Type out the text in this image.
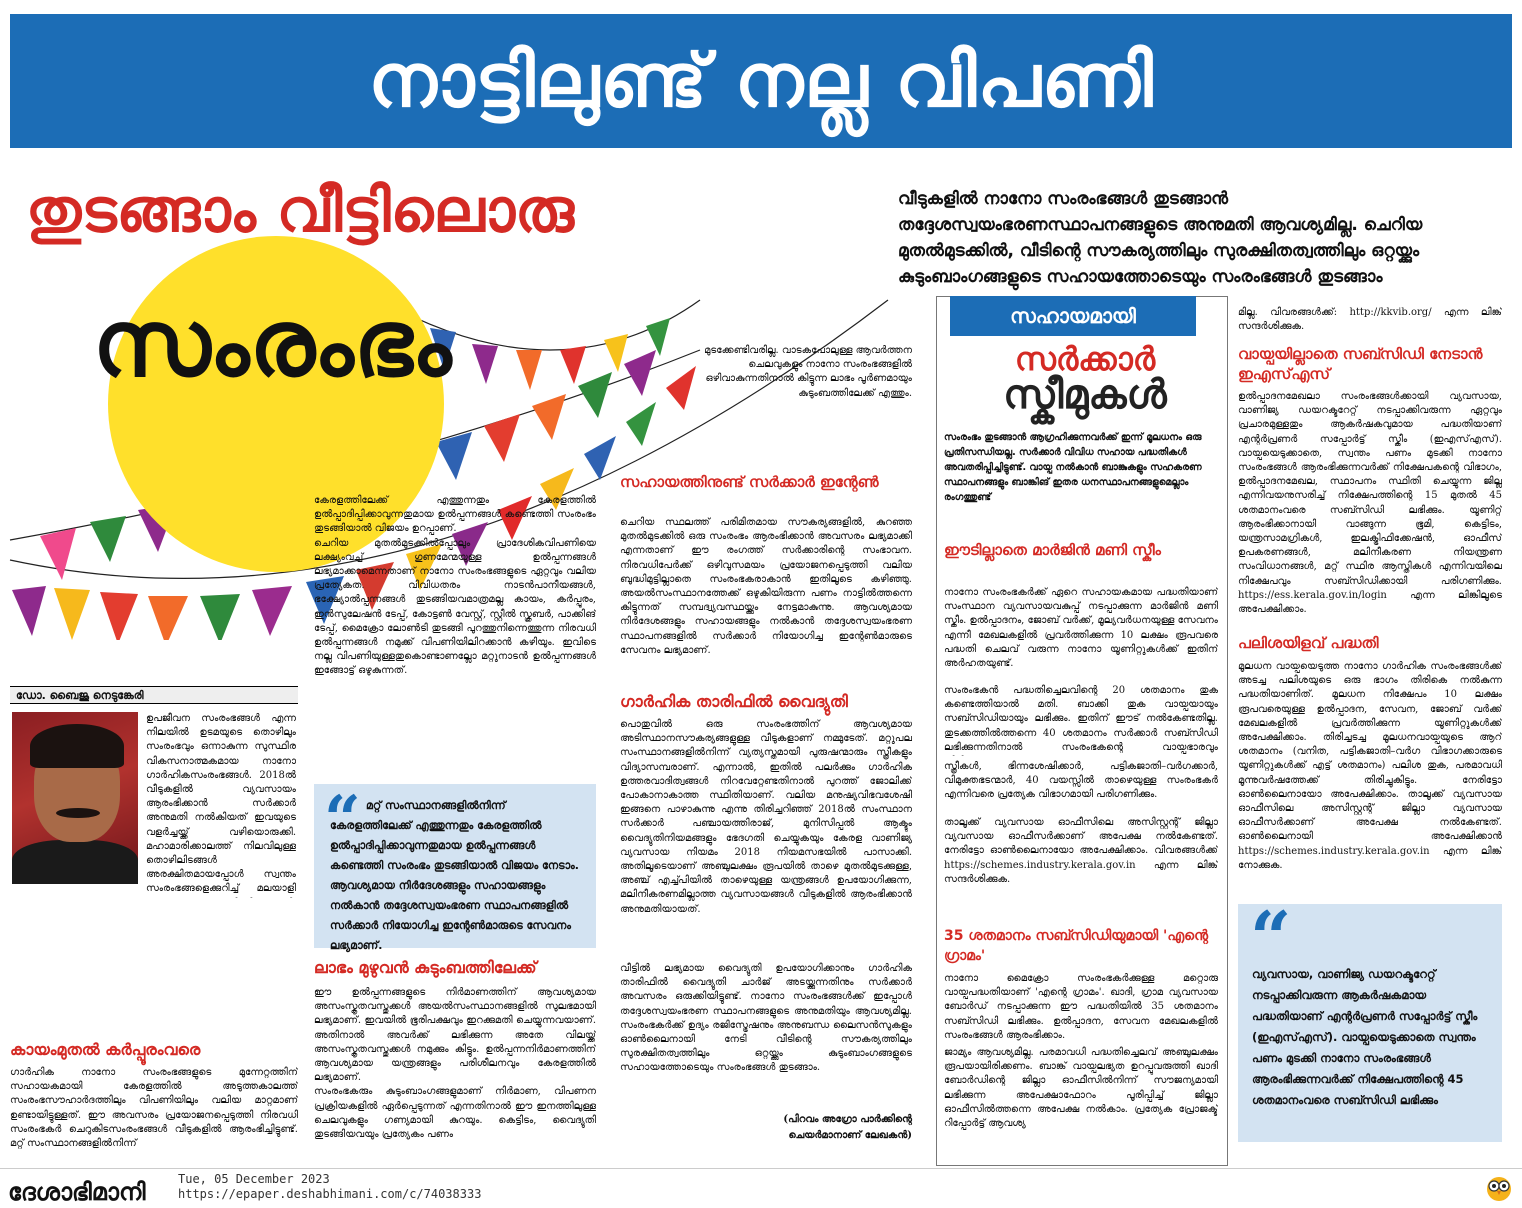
നാട്ടിലുണ്ട് നല്ല വിപണി
തുടങ്ങാം വീട്ടിലൊരു
സംരംഭം
വീടുകളിൽ നാനോ സംരംഭങ്ങൾ തുടങ്ങാൻ തദ്ദേശസ്വയംഭരണസ്ഥാപനങ്ങളുടെ അനുമതി ആവശ്യമില്ല. ചെറിയ മുതൽമുടക്കിൽ, വീടിന്റെ സൗകര്യത്തിലും സുരക്ഷിതത്വത്തിലും ഒറ്റയ്ക്കും കുടുംബാംഗങ്ങളുടെ സഹായത്തോടെയും സംരംഭങ്ങൾ തുടങ്ങാം
ഡോ. ബൈജു നെടുങ്കേരി

ഉപജീവന സംരംഭങ്ങൾ എന്ന നിലയിൽ ഉടമയുടെ തൊഴിലും സംരംഭവും ഒന്നാകുന്ന സുസ്ഥിര വികസനാത്മകമായ നാനോ ഗാർഹികസംരംഭങ്ങൾ. 2018ൽ വീടുകളിൽ വ്യവസായം ആരംഭിക്കാൻ സർക്കാർ അനുമതി നൽകിയത് ഇവയുടെ വളർച്ചയ്ക്ക് വഴിയൊരുക്കി. മഹാമാരിക്കാലത്ത് നിലവിലുള്ള തൊഴിലിടങ്ങൾ അരക്ഷിതമായപ്പോൾ സ്വന്തം സംരംഭങ്ങളെക്കുറിച്ച് മലയാളി

കായംമുതൽ കർപ്പൂരംവരെ

ഗാർഹിക നാനോ സംരംഭങ്ങളുടെ മുന്നേറ്റത്തിന് സഹായകമായി കേരളത്തിൽ അടുത്തകാലത്ത് സംരംഭസൗഹാർദത്തിലും വിപണിയിലും വലിയ മാറ്റമാണ് ഉണ്ടായിട്ടുള്ളത്. ഈ അവസരം പ്രയോജനപ്പെടുത്തി നിരവധി സംരംഭകർ ചെറുകിടസംരംഭങ്ങൾ വീടുകളിൽ ആരംഭിച്ചിട്ടുണ്ട്. മറ്റ് സംസ്ഥാനങ്ങളിൽനിന്ന്

കേരളത്തിലേക്ക് എത്തുന്നതും കേരളത്തിൽ ഉൽപ്പാദിപ്പിക്കാവുന്നതുമായ ഉൽപ്പന്നങ്ങൾ കണ്ടെത്തി സംരംഭം തുടങ്ങിയാൽ വിജയം ഉറപ്പാണ്.
ചെറിയ മുതൽമുടക്കിൽപ്പോലും പ്രാദേശികവിപണിയെ ലക്ഷ്യംവച്ച് ഗുണമേന്മയുള്ള ഉൽപ്പന്നങ്ങൾ ലഭ്യമാക്കാമെന്നതാണ് നാനോ സംരംഭങ്ങളുടെ ഏറ്റവും വലിയ പ്രത്യേകത. വിവിധതരം നാടൻപാനീയങ്ങൾ, ഭക്ഷ്യോൽപ്പന്നങ്ങൾ തുടങ്ങിയവമാത്രമല്ല കായം, കർപ്പൂരം, ഇൻസുലേഷൻ ടേപ്പ്, കോട്ടൺ വേസ്റ്റ്, സ്റ്റീൽ സ്ക്രബർ, പാക്കിങ് ടേപ്പ്, മൈക്രോ ലോൺടി തുടങ്ങി പുറത്തുനിന്നെത്തുന്ന നിരവധി ഉൽപ്പന്നങ്ങൾ നമുക്ക് വിപണിയിലിറക്കാൻ കഴിയും. ഇവിടെ നല്ല വിപണിയുള്ളതുകൊണ്ടാണല്ലോ മറ്റുനാടൻ ഉൽപ്പന്നങ്ങൾ ഇങ്ങോട്ട് ഒഴുകുന്നത്.

“ മറ്റ് സംസ്ഥാനങ്ങളിൽനിന്ന് കേരളത്തിലേക്ക് എത്തുന്നതും കേരളത്തിൽ ഉൽപ്പാദിപ്പിക്കാവുന്നതുമായ ഉൽപ്പന്നങ്ങൾ കണ്ടെത്തി സംരംഭം തുടങ്ങിയാൽ വിജയം നേടാം. ആവശ്യമായ നിർദേശങ്ങളും സഹായങ്ങളും നൽകാൻ തദ്ദേശസ്വയംഭരണ സ്ഥാപനങ്ങളിൽ സർക്കാർ നിയോഗിച്ച ഇന്റേൺമാരുടെ സേവനം ലഭ്യമാണ്.
ലാഭം മുഴുവൻ കുടുംബത്തിലേക്ക്

ഈ ഉൽപ്പന്നങ്ങളുടെ നിർമാണത്തിന് ആവശ്യമായ അസംസ്കൃതവസ്തുക്കൾ അയൽസംസ്ഥാനങ്ങളിൽ സുലഭമായി ലഭ്യമാണ്. ഇവയിൽ ഭൂരിപക്ഷവും ഇറക്കുമതി ചെയ്യുന്നവയാണ്. അതിനാൽ അവർക്ക് ലഭിക്കുന്ന അതേ വിലയ്ക്ക് അസംസ്കൃതവസ്തുക്കൾ നമുക്കും കിട്ടും. ഉൽപ്പന്നനിർമാണത്തിന് ആവശ്യമായ യന്ത്രങ്ങളും പരിശീലനവും കേരളത്തിൽ ലഭ്യമാണ്.
സംരംഭകരും കുടുംബാംഗങ്ങളുമാണ് നിർമാണ, വിപണന പ്രക്രിയകളിൽ ഏർപ്പെടുന്നത് എന്നതിനാൽ ഈ ഇനത്തിലുള്ള ചെലവുകളും ഗണ്യമായി കുറയും. കെട്ടിടം, വൈദ്യുതി തുടങ്ങിയവയും പ്രത്യേകം പണം

മുടക്കേണ്ടിവരില്ല. വാടകപോലുള്ള ആവർത്തന ചെലവുകളും നാനോ സംരംഭങ്ങളിൽ ഒഴിവാകുന്നതിനാൽ കിട്ടുന്ന ലാഭം പൂർണമായും കുടുംബത്തിലേക്ക് എത്തും.

സഹായത്തിനുണ്ട് സർക്കാർ ഇന്റേൺ

ചെറിയ സ്ഥലത്ത് പരിമിതമായ സൗകര്യങ്ങളിൽ, കുറഞ്ഞ മുതൽമുടക്കിൽ ഒരു സംരംഭം ആരംഭിക്കാൻ അവസരം ലഭ്യമാക്കി എന്നതാണ് ഈ രംഗത്ത് സർക്കാരിന്റെ സംഭാവന. നിരവധിപേർക്ക് ഒഴിവുസമയം പ്രയോജനപ്പെടുത്തി വലിയ ബുദ്ധിമുട്ടില്ലാതെ സംരംഭകരാകാൻ ഇതിലൂടെ കഴിഞ്ഞു. അയൽസംസ്ഥാനത്തേക്ക് ഒഴുകിയിരുന്ന പണം നാട്ടിൽത്തന്നെ കിട്ടുന്നത് സമ്പദ്വ്യവസ്ഥയ്ക്കും നേട്ടമാകുന്നു. ആവശ്യമായ നിർദേശങ്ങളും സഹായങ്ങളും നൽകാൻ തദ്ദേശസ്വയംഭരണ സ്ഥാപനങ്ങളിൽ സർക്കാർ നിയോഗിച്ച ഇന്റേൺമാരുടെ സേവനം ലഭ്യമാണ്.

ഗാർഹിക താരിഫിൽ വൈദ്യുതി

പൊതുവിൽ ഒരു സംരംഭത്തിന് ആവശ്യമായ അടിസ്ഥാനസൗകര്യങ്ങളുള്ള വീടുകളാണ് നമ്മുടേത്. മറ്റുപല സംസ്ഥാനങ്ങളിൽനിന്ന് വ്യത്യസ്തമായി പുരുഷന്മാരും സ്ത്രീകളും വിദ്യാസമ്പരാണ്. എന്നാൽ, ഇതിൽ പലർക്കും ഗാർഹിക ഉത്തരവാദിത്വങ്ങൾ നിറവേറ്റേണ്ടതിനാൽ പുറത്ത് ജോലിക്ക് പോകാനാകാത്ത സ്ഥിതിയാണ്. വലിയ മനുഷ്യവിഭവശേഷി ഇങ്ങനെ പാഴാകുന്നു എന്നു തിരിച്ചറിഞ്ഞ് 2018ൽ സംസ്ഥാന സർക്കാർ പഞ്ചായത്തിരാജ്, മുനിസിപ്പൽ ആക്ടും വൈദ്യുതിനിയമങ്ങളും ഭേദഗതി ചെയ്യുകയും കേരള വാണിജ്യ വ്യവസായ നിയമം 2018 നിയമസഭയിൽ പാസാക്കി. അതിലൂടെയാണ് അഞ്ചുലക്ഷം രൂപയിൽ താഴെ മുതൽമുടക്കുള്ള, അഞ്ച് എച്ച്പിയിൽ താഴെയുള്ള യന്ത്രങ്ങൾ ഉപയോഗിക്കുന്ന, മലിനീകരണമില്ലാത്ത വ്യവസായങ്ങൾ വീടുകളിൽ ആരംഭിക്കാൻ അനുമതിയായത്.

വീട്ടിൽ ലഭ്യമായ വൈദ്യുതി ഉപയോഗിക്കാനും ഗാർഹിക താരിഫിൽ വൈദ്യുതി ചാർജ് അടയ്ക്കുന്നതിനും സർക്കാർ അവസരം ഒരുക്കിയിട്ടുണ്ട്. നാനോ സംരംഭങ്ങൾക്ക് ഇപ്പോൾ തദ്ദേശസ്വയംഭരണ സ്ഥാപനങ്ങളുടെ അനുമതിയും ആവശ്യമില്ല. സംരംഭകർക്ക് ഉദ്യം രജിസ്ട്രേഷനും അനുബന്ധ ലൈസൻസുകളും ഓൺലൈനായി നേടി വീടിന്റെ സൗകര്യത്തിലും സുരക്ഷിതത്വത്തിലും ഒറ്റയ്ക്കും കുടുംബാംഗങ്ങളുടെ സഹായത്തോടെയും സംരംഭങ്ങൾ തുടങ്ങാം.

(പിറവം അഗ്രോ പാർക്കിന്റെ
ചെയർമാനാണ് ലേഖകൻ)
സഹായമായി
സർക്കാർ
സ്കീമുകൾ

സംരംഭം തുടങ്ങാൻ ആഗ്രഹിക്കുന്നവർക്ക് ഇന്ന് മൂലധനം ഒരു പ്രതിസന്ധിയല്ല. സർക്കാർ വിവിധ സഹായ പദ്ധതികൾ അവതരിപ്പിച്ചിട്ടുണ്ട്. വായ്പ നൽകാൻ ബാങ്കുകളും സഹകരണ സ്ഥാപനങ്ങളും ബാങ്കിങ് ഇതര ധനസ്ഥാപനങ്ങളുമെല്ലാം രംഗത്തുണ്ട്

ഈടില്ലാതെ മാർജിൻ മണി സ്കീം

നാനോ സംരംഭകർക്ക് ഏറെ സഹായകമായ പദ്ധതിയാണ് സംസ്ഥാന വ്യവസായവകുപ്പ് നടപ്പാക്കുന്ന മാർജിൻ മണി സ്കീം. ഉൽപ്പാദനം, ജോബ് വർക്ക്, മൂല്യവർധനയുള്ള സേവനം എന്നീ മേഖലകളിൽ പ്രവർത്തിക്കുന്ന 10 ലക്ഷം രൂപവരെ പദ്ധതി ചെലവ് വരുന്ന നാനോ യൂണിറ്റുകൾക്ക് ഇതിന് അർഹതയുണ്ട്.

സംരംഭകൻ പദ്ധതിച്ചെലവിന്റെ 20 ശതമാനം തുക കണ്ടെത്തിയാൽ മതി. ബാക്കി തുക വായ്പയായും സബ്സിഡിയായും ലഭിക്കും. ഇതിന് ഈട് നൽകേണ്ടതില്ല. തുടക്കത്തിൽത്തന്നെ 40 ശതമാനം സർക്കാർ സബ്സിഡി ലഭിക്കുന്നതിനാൽ സംരംഭകന്റെ വായ്പഭാരവും

സ്ത്രീകൾ, ഭിന്നശേഷിക്കാർ, പട്ടികജാതി–വർഗക്കാർ, വിമുക്തഭടന്മാർ, 40 വയസ്സിൽ താഴെയുള്ള സംരംഭകർ എന്നിവരെ പ്രത്യേക വിഭാഗമായി പരിഗണിക്കും.

താലൂക്ക് വ്യവസായ ഓഫീസിലെ അസിസ്റ്റന്റ് ജില്ലാ വ്യവസായ ഓഫീസർക്കാണ് അപേക്ഷ നൽകേണ്ടത്. നേരിട്ടോ ഓൺലൈനായോ അപേക്ഷിക്കാം. വിവരങ്ങൾക്ക് https://schemes.industry.kerala.gov.in എന്ന ലിങ്ക് സന്ദർശിക്കുക.

35 ശതമാനം സബ്സിഡിയുമായി 'എന്റെ ഗ്രാമം'

നാനോ മൈക്രോ സംരംഭകർക്കുള്ള മറ്റൊരു വായ്പപദ്ധതിയാണ് 'എന്റെ ഗ്രാമം'. ഖാദി, ഗ്രാമ വ്യവസായ ബോർഡ് നടപ്പാക്കുന്ന ഈ പദ്ധതിയിൽ 35 ശതമാനം സബ്സിഡി ലഭിക്കും. ഉൽപ്പാദന, സേവന മേഖലകളിൽ സംരംഭങ്ങൾ ആരംഭിക്കാം.

ജാമ്യം ആവശ്യമില്ല. പരമാവധി പദ്ധതിച്ചെലവ് അഞ്ചുലക്ഷം രൂപയായിരിക്കണം. ബാങ്ക് വായ്പലഭ്യത ഉറപ്പുവരുത്തി ഖാദി ബോർഡിന്റെ ജില്ലാ ഓഫീസിൽനിന്ന് സൗജന്യമായി ലഭിക്കുന്ന അപേക്ഷാഫോറം പൂരിപ്പിച്ച് ജില്ലാ ഓഫീസിൽത്തന്നെ അപേക്ഷ നൽകാം. പ്രത്യേക പ്രോജക്ട് റിപ്പോർട്ട് ആവശ്യ

മില്ല. വിവരങ്ങൾക്ക്: http://kkvib.org/ എന്ന ലിങ്ക് സന്ദർശിക്കുക.

വായ്പയില്ലാതെ സബ്സിഡി നേടാൻ ഇഎസ്എസ്

ഉൽപ്പാദനമേഖലാ സംരംഭങ്ങൾക്കായി വ്യവസായ, വാണിജ്യ ഡയറക്ടറേറ്റ് നടപ്പാക്കിവരുന്ന ഏറ്റവും പ്രചാരമുള്ളതും ആകർഷകവുമായ പദ്ധതിയാണ് എന്റർപ്രണർ സപ്പോർട്ട് സ്കീം (ഇഎസ്എസ്). വായ്പയെടുക്കാതെ, സ്വന്തം പണം മുടക്കി നാനോ സംരംഭങ്ങൾ ആരംഭിക്കുന്നവർക്ക് നിക്ഷേപകന്റെ വിഭാഗം, ഉൽപ്പാദനമേഖല, സ്ഥാപനം സ്ഥിതി ചെയ്യുന്ന ജില്ല എന്നിവയനുസരിച്ച് നിക്ഷേപത്തിന്റെ 15 മുതൽ 45 ശതമാനംവരെ സബ്സിഡി ലഭിക്കും. യൂണിറ്റ് ആരംഭിക്കാനായി വാങ്ങുന്ന ഭൂമി, കെട്ടിടം, യന്ത്രസാമഗ്രികൾ, ഇലക്ട്രിഫിക്കേഷൻ, ഓഫീസ് ഉപകരണങ്ങൾ, മലിനീകരണ നിയന്ത്രണ സംവിധാനങ്ങൾ, മറ്റ് സ്ഥിര ആസ്തികൾ എന്നിവയിലെ നിക്ഷേപവും സബ്സിഡിക്കായി പരിഗണിക്കും. https://ess.kerala.gov.in/login എന്ന ലിങ്കിലൂടെ അപേക്ഷിക്കാം.

പലിശയിളവ് പദ്ധതി

മൂലധന വായ്പയെടുത്ത നാനോ ഗാർഹിക സംരംഭങ്ങൾക്ക് അടച്ച പലിശയുടെ ഒരു ഭാഗം തിരികെ നൽകുന്ന പദ്ധതിയാണിത്. മൂലധന നിക്ഷേപം 10 ലക്ഷം രൂപവരെയുള്ള ഉൽപ്പാദന, സേവന, ജോബ് വർക്ക് മേഖലകളിൽ പ്രവർത്തിക്കുന്ന യൂണിറ്റുകൾക്ക് അപേക്ഷിക്കാം. തിരിച്ചടച്ച മൂലധനവായ്പയുടെ ആറ് ശതമാനം (വനിത, പട്ടികജാതി–വർഗ വിഭാഗക്കാരുടെ യൂണിറ്റുകൾക്ക് എട്ട് ശതമാനം) പലിശ തുക, പരമാവധി മൂന്നുവർഷത്തേക്ക് തിരിച്ചുകിട്ടും. നേരിട്ടോ ഓൺലൈനായോ അപേക്ഷിക്കാം. താലൂക്ക് വ്യവസായ ഓഫീസിലെ അസിസ്റ്റന്റ് ജില്ലാ വ്യവസായ ഓഫീസർക്കാണ് അപേക്ഷ നൽകേണ്ടത്. ഓൺലൈനായി അപേക്ഷിക്കാൻ https://schemes.industry.kerala.gov.in എന്ന ലിങ്ക് നോക്കുക.

“
വ്യവസായ, വാണിജ്യ ഡയറക്ടറേറ്റ് നടപ്പാക്കിവരുന്ന ആകർഷകമായ പദ്ധതിയാണ് എന്റർപ്രണർ സപ്പോർട്ട് സ്കീം (ഇഎസ്എസ്). വായ്പയെടുക്കാതെ സ്വന്തം പണം മുടക്കി നാനോ സംരംഭങ്ങൾ ആരംഭിക്കുന്നവർക്ക് നിക്ഷേപത്തിന്റെ 45 ശതമാനംവരെ സബ്സിഡി ലഭിക്കും
ദേശാഭിമാനി	Tue, 05 December 2023
https://epaper.deshabhimani.com/c/74038333
